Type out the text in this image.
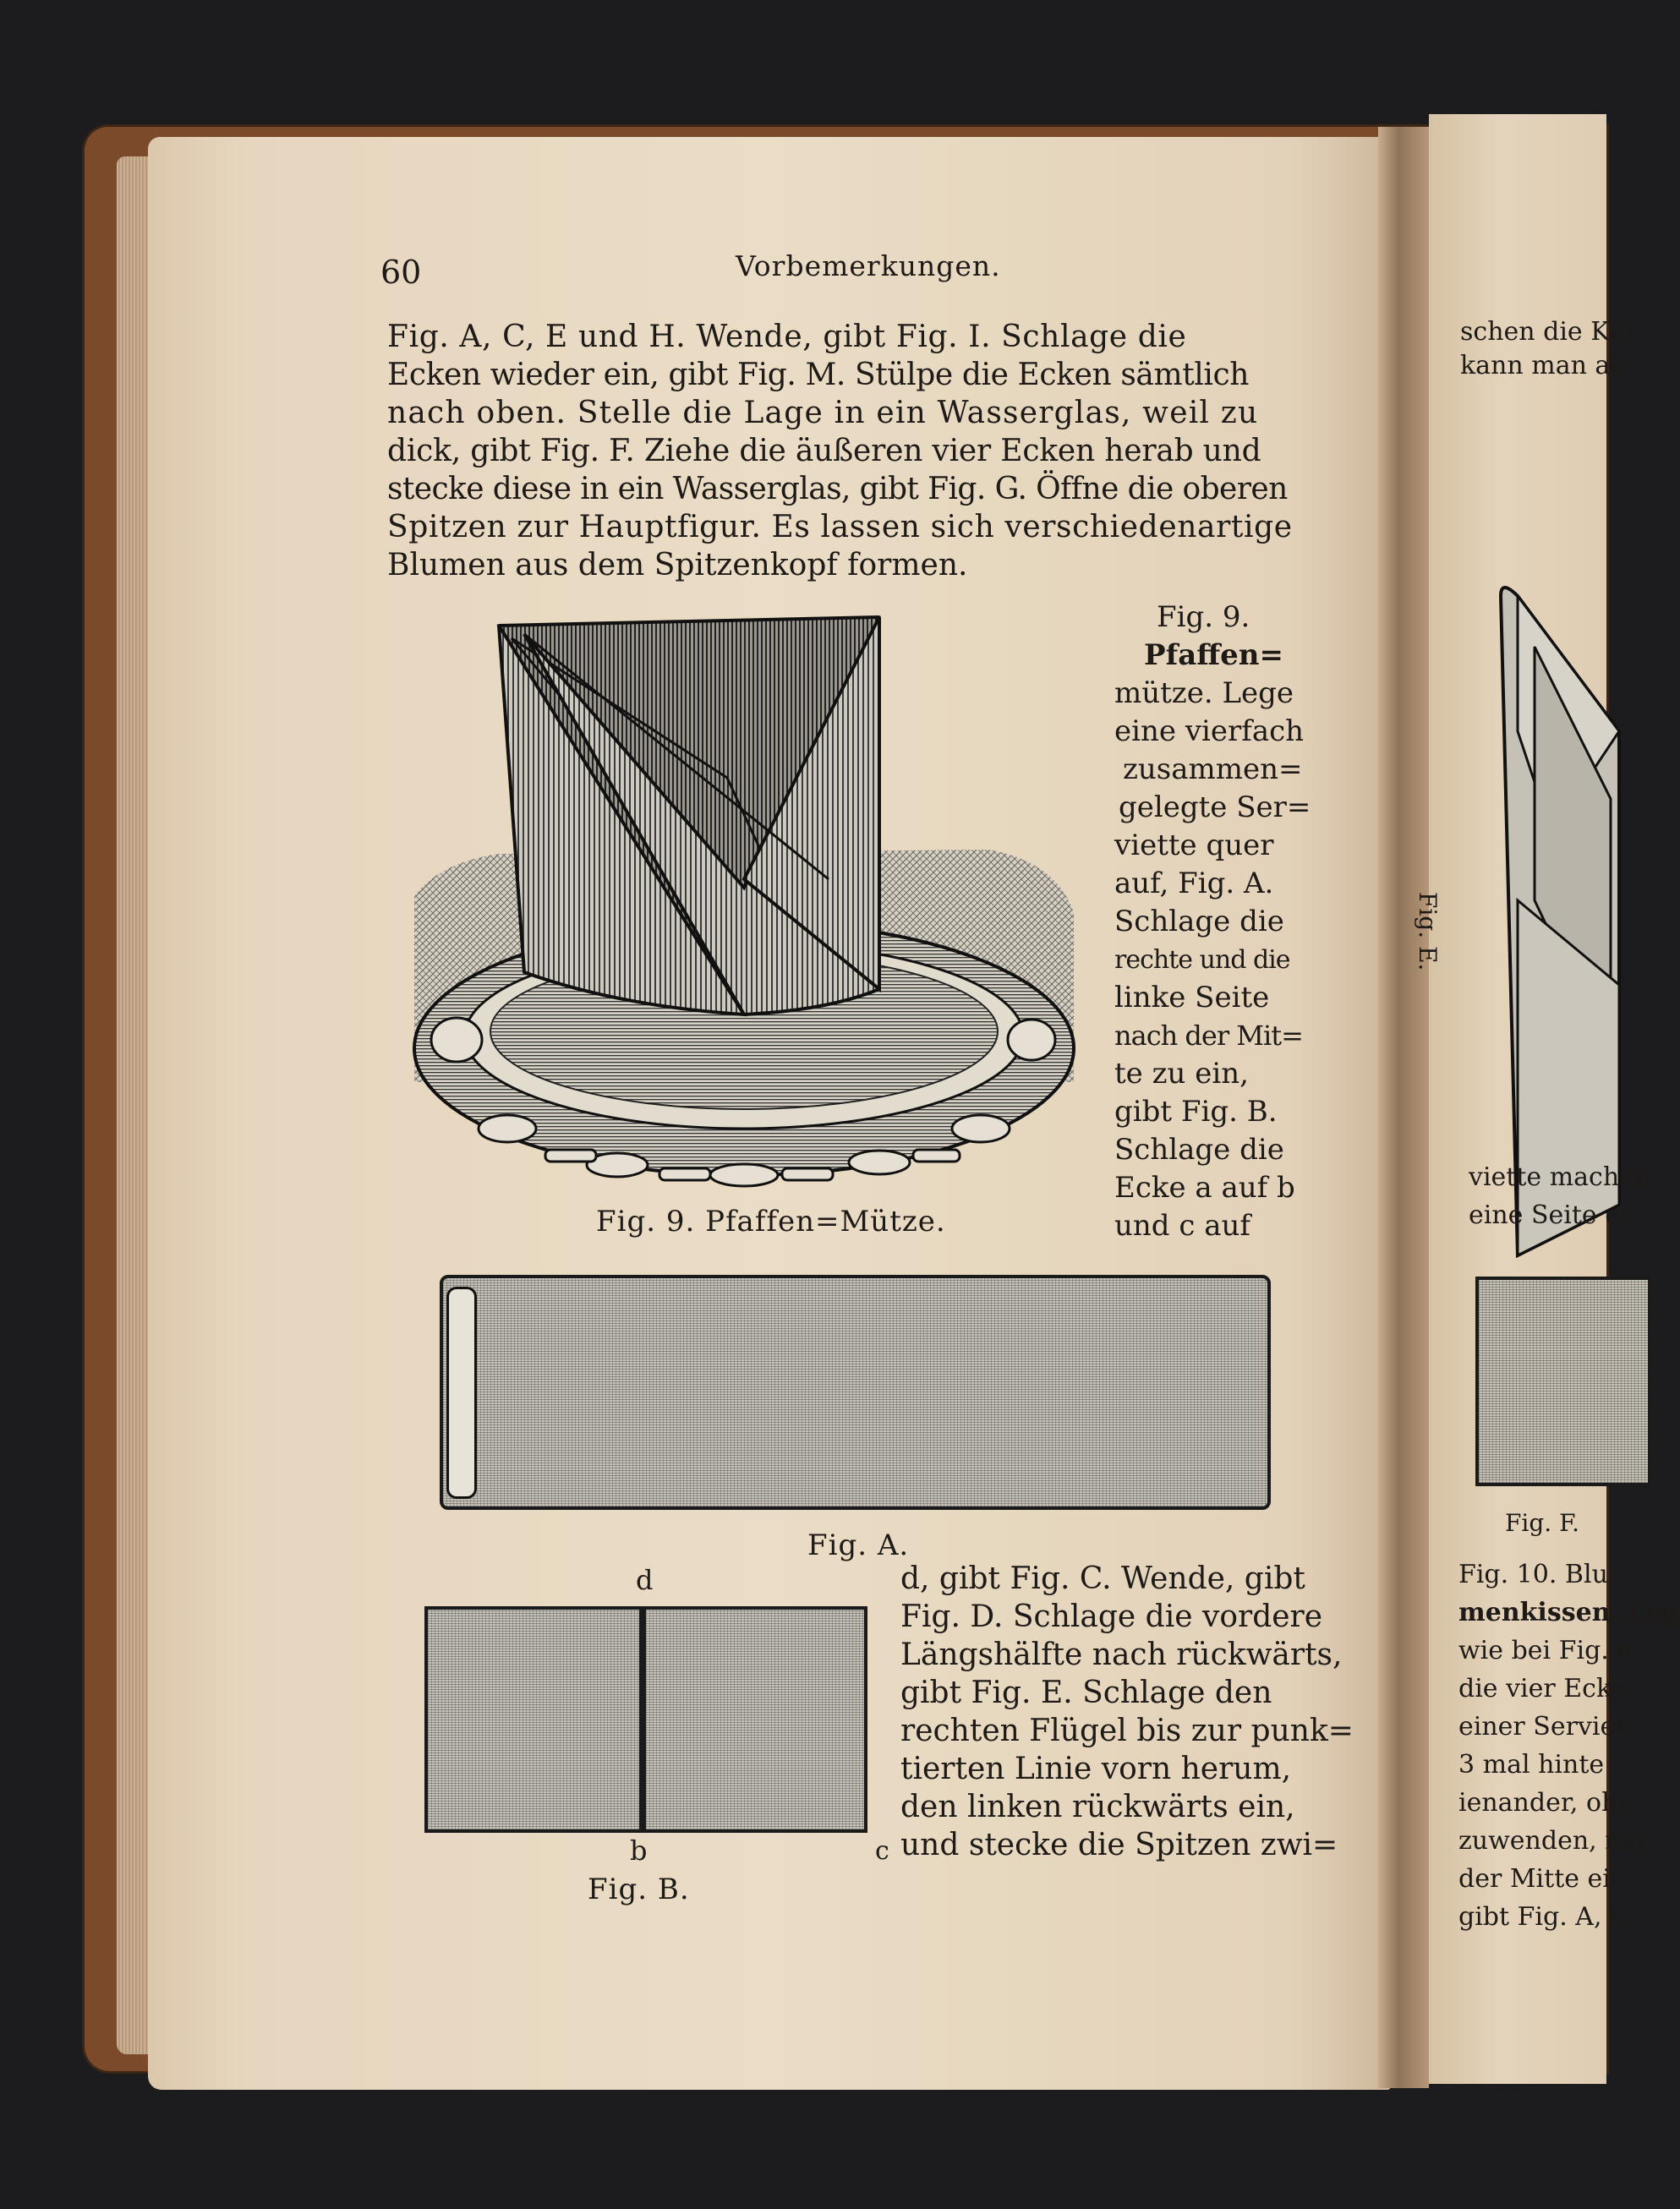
60	Vorbemerkungen.
Fig. A, C, E und H. Wende, gibt Fig. I. Schlage die
Ecken wieder ein, gibt Fig. M. Stülpe die Ecken sämtlich
nach oben. Stelle die Lage in ein Wasserglas, weil zu
dick, gibt Fig. F. Ziehe die äußeren vier Ecken herab und
stecke diese in ein Wasserglas, gibt Fig. G. Öffne die oberen
Spitzen zur Hauptfigur. Es lassen sich verschiedenartige
Blumen aus dem Spitzenkopf formen.
Fig. 9. Pfaffen=Mütze.
Fig. 9.
Pfaffen=
mütze. Lege
eine vierfach
zusammen=
gelegte Ser=
viette quer
auf, Fig. A.
Schlage die
rechte und die
linke Seite
nach der Mit=
te zu ein,
gibt Fig. B.
Schlage die
Ecke a auf b
und c auf
Fig. A.
d
b	c
Fig. B.
d, gibt Fig. C. Wende, gibt
Fig. D. Schlage die vordere
Längshälfte nach rückwärts,
gibt Fig. E. Schlage den
rechten Flügel bis zur punk=
tierten Linie vorn herum,
den linken rückwärts ein,
und stecke die Spitzen zwi=
schen die Kan
kann man au
Fig. E.
viette machen.
eine Seite ei
Fig. F.
Fig. 10. Blu
menkissen. Leg
wie bei Fig. 8
die vier Ecke
einer Serviet
3 mal hinte
ienander, ohn
zuwenden, nac
der Mitte ei
gibt Fig. A, C
